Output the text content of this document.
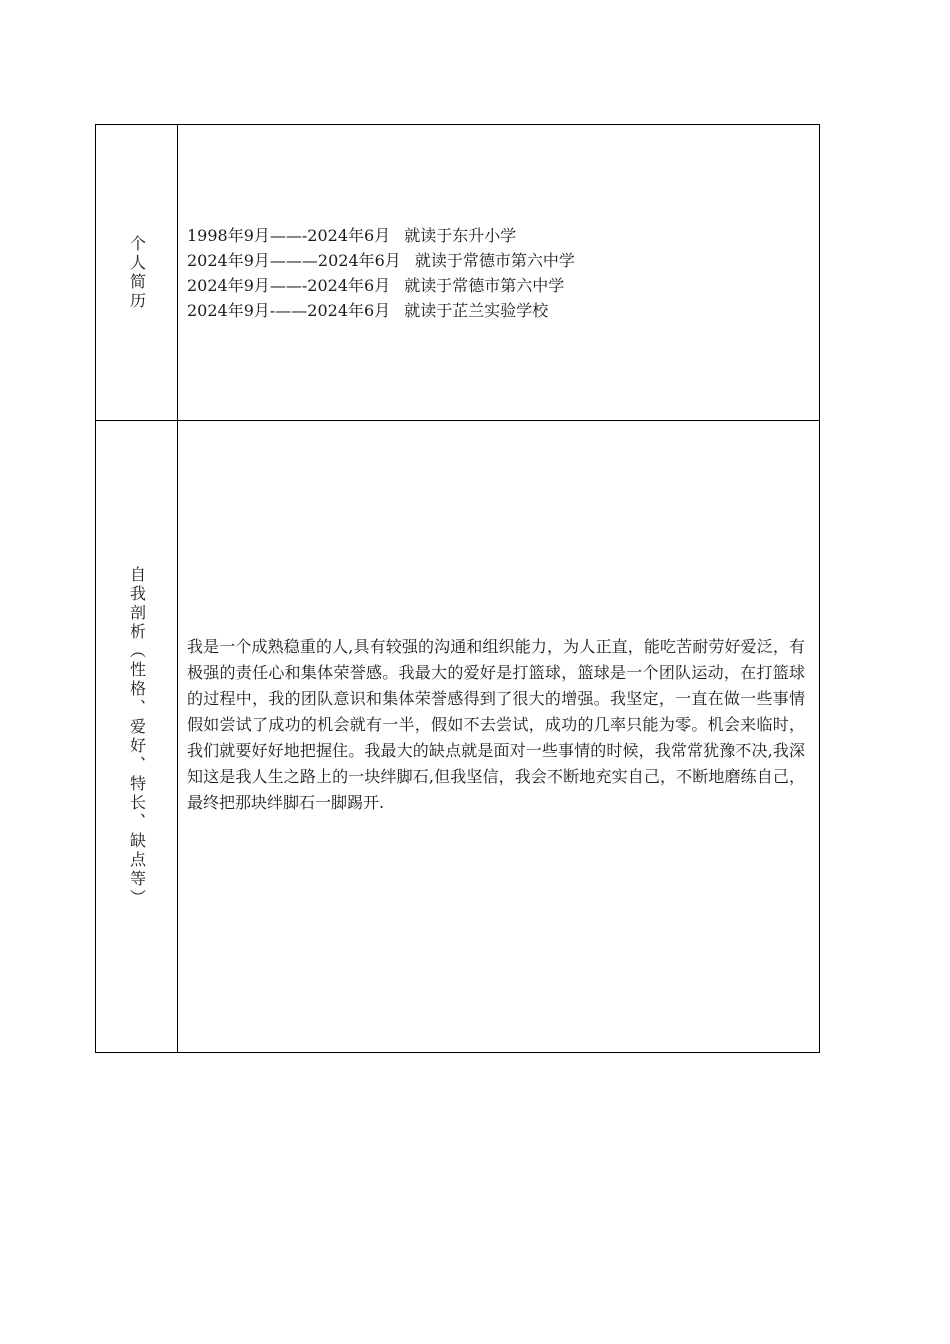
个人简历	1998年9月——-2024年6月 就读于东升小学
2024年9月———2024年6月 就读于常德市第六中学
2024年9月——-2024年6月 就读于常德市第六中学
2024年9月-——2024年6月 就读于芷兰实验学校
自我剖析（性格、爱好、特长、缺点等）	我是一个成熟稳重的人,具有较强的沟通和组织能力，为人正直，能吃苦耐劳好爱泛，有极强的责任心和集体荣誉感。我最大的爱好是打篮球，篮球是一个团队运动，在打篮球的过程中，我的团队意识和集体荣誉感得到了很大的增强。我坚定，一直在做一些事情假如尝试了成功的机会就有一半，假如不去尝试，成功的几率只能为零。机会来临时，我们就要好好地把握住。我最大的缺点就是面对一些事情的时候，我常常犹豫不决,我深知这是我人生之路上的一块绊脚石,但我坚信，我会不断地充实自己，不断地磨练自己，最终把那块绊脚石一脚踢开.
